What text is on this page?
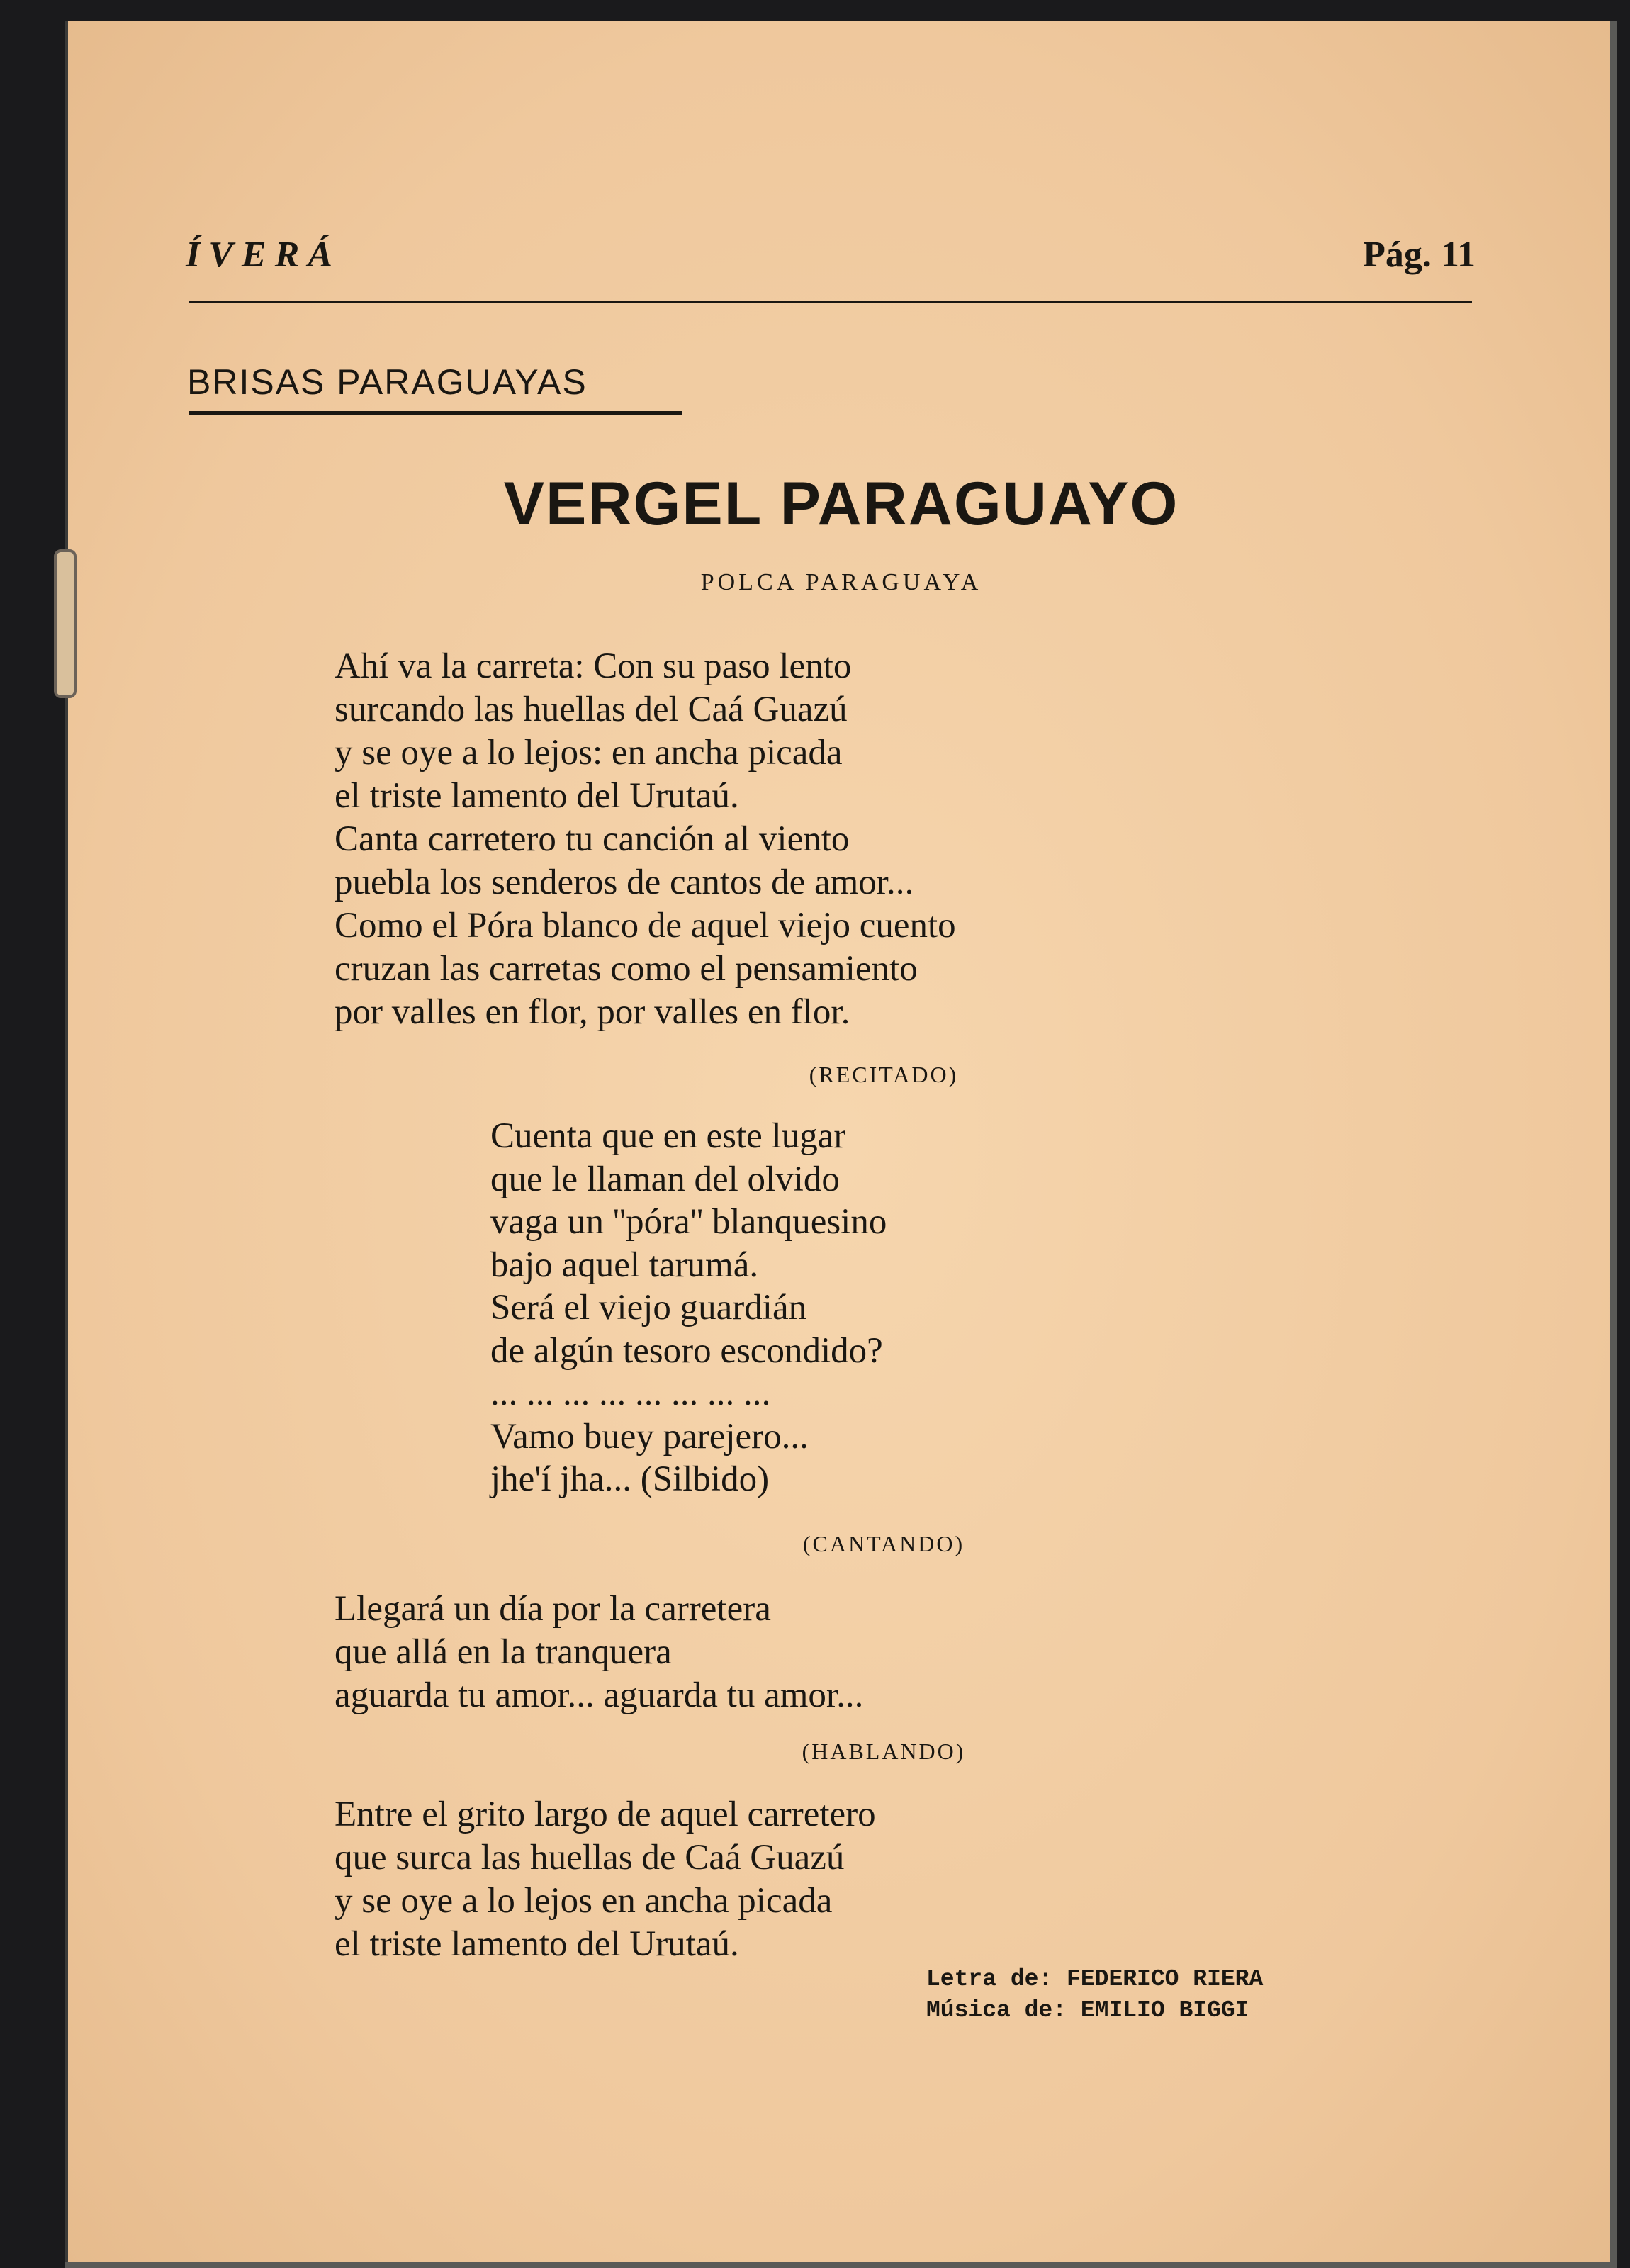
ÍVERÁ	Pág. 11
BRISAS PARAGUAYAS
VERGEL PARAGUAYO
POLCA PARAGUAYA
Ahí va la carreta: Con su paso lento
surcando las huellas del Caá Guazú
y se oye a lo lejos: en ancha picada
el triste lamento del Urutaú.
Canta carretero tu canción al viento
puebla los senderos de cantos de amor...
Como el Póra blanco de aquel viejo cuento
cruzan las carretas como el pensamiento
por valles en flor, por valles en flor.
(RECITADO)
Cuenta que en este lugar
que le llaman del olvido
vaga un ''póra'' blanquesino
bajo aquel tarumá.
Será el viejo guardián
de algún tesoro escondido?
... ... ... ... ... ... ... ...
Vamo buey parejero...
jhe'í jha... (Silbido)
(CANTANDO)
Llegará un día por la carretera
que allá en la tranquera
aguarda tu amor... aguarda tu amor...
(HABLANDO)
Entre el grito largo de aquel carretero
que surca las huellas de Caá Guazú
y se oye a lo lejos en ancha picada
el triste lamento del Urutaú.
Letra de: FEDERICO RIERA
Música de: EMILIO BIGGI
